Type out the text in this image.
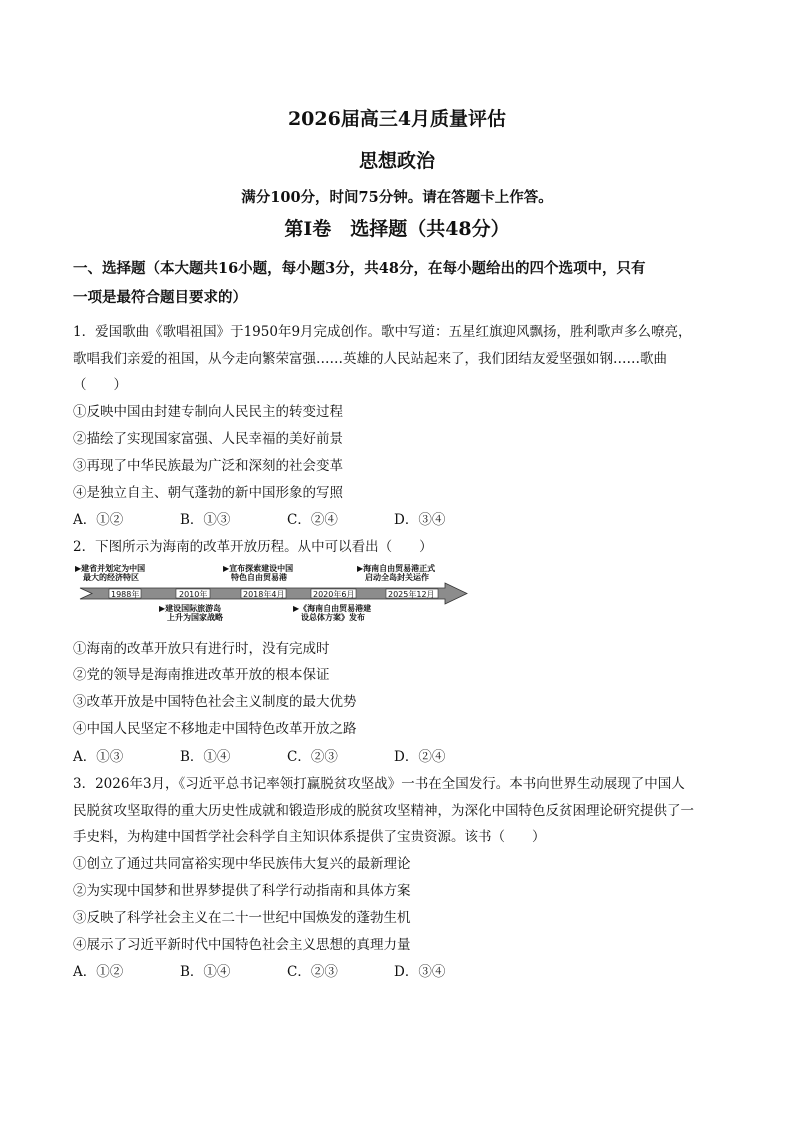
2026届高三4月质量评估
思想政治
满分100分，时间75分钟。请在答题卡上作答。
第Ⅰ卷　选择题（共48分）
一、选择题（本大题共16小题，每小题3分，共48分，在每小题给出的四个选项中，只有
一项是最符合题目要求的）
1．爱国歌曲《歌唱祖国》于1950年9月完成创作。歌中写道：五星红旗迎风飘扬，胜利歌声多么嘹亮，
歌唱我们亲爱的祖国，从今走向繁荣富强……英雄的人民站起来了，我们团结友爱坚强如钢……歌曲
（　　）
①反映中国由封建专制向人民民主的转变过程
②描绘了实现国家富强、人民幸福的美好前景
③再现了中华民族最为广泛和深刻的社会变革
④是独立自主、朝气蓬勃的新中国形象的写照
A．①②	B．①③	C．②④	D．③④
2．下图所示为海南的改革开放历程。从中可以看出（　　）
1988年	2010年	2018年4月	2020年6月	2025年12月
▶建省并划定为中国
最大的经济特区
▶宣布探索建设中国
特色自由贸易港
▶海南自由贸易港正式
启动全岛封关运作
▶建设国际旅游岛
上升为国家战略
▶《海南自由贸易港建
设总体方案》发布
①海南的改革开放只有进行时，没有完成时
②党的领导是海南推进改革开放的根本保证
③改革开放是中国特色社会主义制度的最大优势
④中国人民坚定不移地走中国特色改革开放之路
A．①③	B．①④	C．②③	D．②④
3．2026年3月，《习近平总书记率领打赢脱贫攻坚战》一书在全国发行。本书向世界生动展现了中国人
民脱贫攻坚取得的重大历史性成就和锻造形成的脱贫攻坚精神，为深化中国特色反贫困理论研究提供了一
手史料，为构建中国哲学社会科学自主知识体系提供了宝贵资源。该书（　　）
①创立了通过共同富裕实现中华民族伟大复兴的最新理论
②为实现中国梦和世界梦提供了科学行动指南和具体方案
③反映了科学社会主义在二十一世纪中国焕发的蓬勃生机
④展示了习近平新时代中国特色社会主义思想的真理力量
A．①②	B．①④	C．②③	D．③④
